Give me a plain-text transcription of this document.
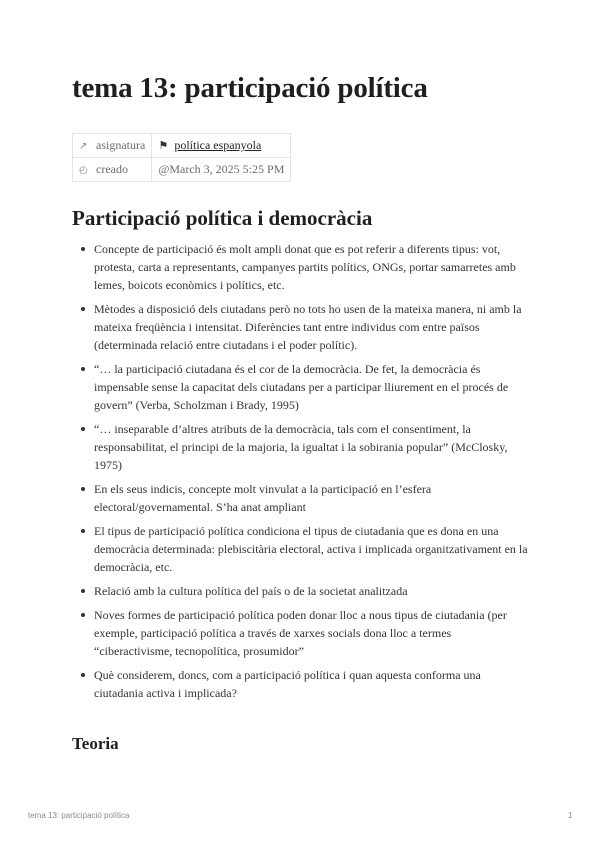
tema 13: participació política
↗ asignatura	⚑ política espanyola
◴ creado	@March 3, 2025 5:25 PM
Participació política i democràcia
Concepte de participació és molt ampli donat que es pot referir a diferents tipus: vot, protesta, carta a representants, campanyes partits polítics, ONGs, portar samarretes amb lemes, boicots econòmics i polítics, etc.
Mètodes a disposició dels ciutadans però no tots ho usen de la mateixa manera, ni amb la mateixa freqüència i intensitat. Diferències tant entre individus com entre països (determinada relació entre ciutadans i el poder polític).
“… la participació ciutadana és el cor de la democràcia. De fet, la democràcia és impensable sense la capacitat dels ciutadans per a participar lliurement en el procés de govern” (Verba, Scholzman i Brady, 1995)
“… inseparable d’altres atributs de la democràcia, tals com el consentiment, la responsabilitat, el principi de la majoria, la igualtat i la sobirania popular” (McClosky, 1975)
En els seus indicis, concepte molt vinvulat a la participació en l’esfera electoral/governamental. S’ha anat ampliant
El tipus de participació política condiciona el tipus de ciutadania que es dona en una democràcia determinada: plebiscitària electoral, activa i implicada organitzativament en la democràcia, etc.
Relació amb la cultura política del país o de la societat analitzada
Noves formes de participació política poden donar lloc a nous tipus de ciutadania (per exemple, participació política a través de xarxes socials dona lloc a termes “ciberactivisme, tecnopolítica, prosumidor”
Què considerem, doncs, com a participació política i quan aquesta conforma una ciutadania activa i implicada?
Teoria
tema 13: participació política	1
